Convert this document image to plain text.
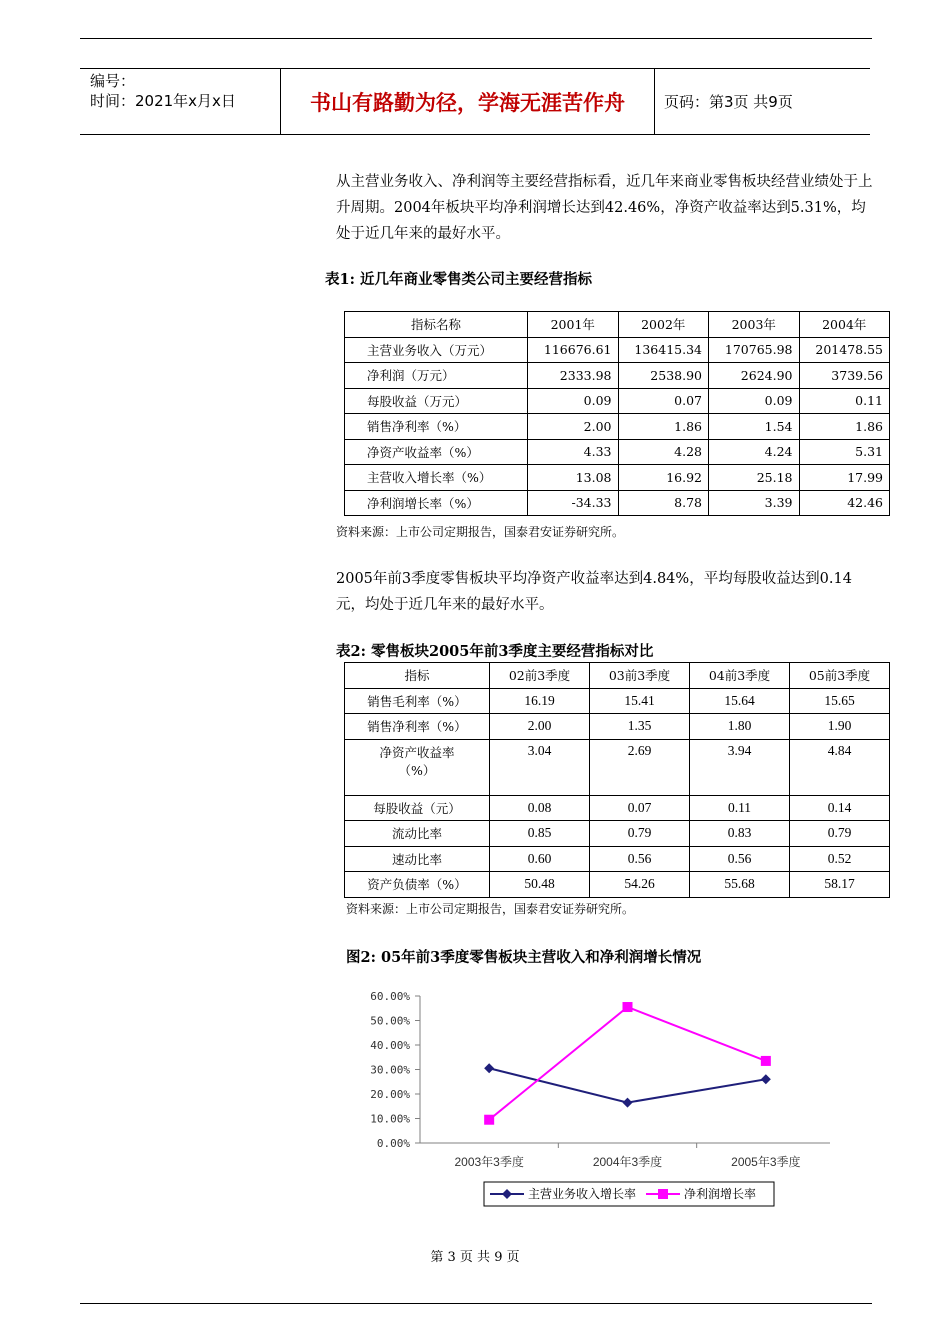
编号：
时间：2021年x月x日	书山有路勤为径，学海无涯苦作舟	页码：第3页 共9页
从主营业务收入、净利润等主要经营指标看，近几年来商业零售板块经营业绩处于上升周期。2004年板块平均净利润增长达到42.46%，净资产收益率达到5.31%，均处于近几年来的最好水平。
表1: 近几年商业零售类公司主要经营指标
指标名称	2001年	2002年	2003年	2004年
主营业务收入（万元）	116676.61	136415.34	170765.98	201478.55
净利润（万元）	2333.98	2538.90	2624.90	3739.56
每股收益（万元）	0.09	0.07	0.09	0.11
销售净利率（%）	2.00	1.86	1.54	1.86
净资产收益率（%）	4.33	4.28	4.24	5.31
主营收入增长率（%）	13.08	16.92	25.18	17.99
净利润增长率（%）	-34.33	8.78	3.39	42.46
资料来源：上市公司定期报告，国泰君安证券研究所。
2005年前3季度零售板块平均净资产收益率达到4.84%，平均每股收益达到0.14元，均处于近几年来的最好水平。
表2: 零售板块2005年前3季度主要经营指标对比
指标	02前3季度	03前3季度	04前3季度	05前3季度
销售毛利率（%）	16.19	15.41	15.64	15.65
销售净利率（%）	2.00	1.35	1.80	1.90
净资产收益率（%）	3.04	2.69	3.94	4.84
每股收益（元）	0.08	0.07	0.11	0.14
流动比率	0.85	0.79	0.83	0.79
速动比率	0.60	0.56	0.56	0.52
资产负债率（%）	50.48	54.26	55.68	58.17
资料来源：上市公司定期报告，国泰君安证券研究所。
图2: 05年前3季度零售板块主营收入和净利润增长情况
0.00%
10.00%
20.00%
30.00%
40.00%
50.00%
60.00%
2003年3季度	2004年3季度	2005年3季度
主营业务收入增长率	净利润增长率
第 3 页 共 9 页
